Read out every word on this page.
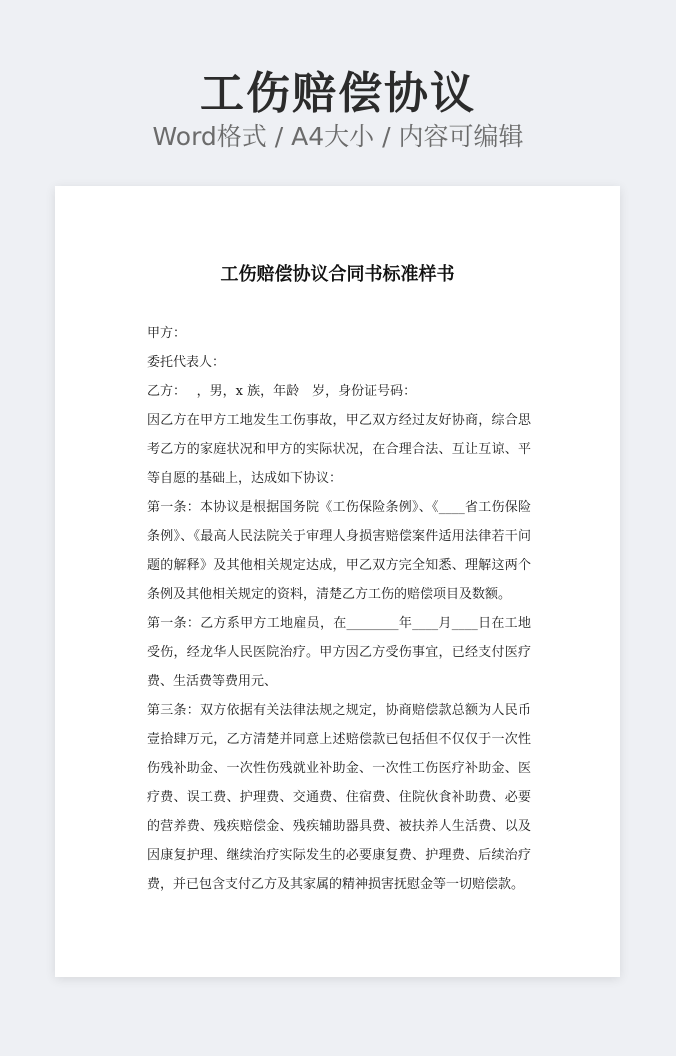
工伤赔偿协议
Word格式 / A4大小 / 内容可编辑
工伤赔偿协议合同书标准样书

甲方：

委托代表人：

乙方：　 ，男，x 族，年龄　岁，身份证号码：

因乙方在甲方工地发生工伤事故，甲乙双方经过友好协商，综合思考乙方的家庭状况和甲方的实际状况，在合理合法、互让互谅、平等自愿的基础上，达成如下协议：

第一条：本协议是根据国务院《工伤保险条例》、《____省工伤保险条例》、《最高人民法院关于审理人身损害赔偿案件适用法律若干问题的解释》及其他相关规定达成，甲乙双方完全知悉、理解这两个条例及其他相关规定的资料，清楚乙方工伤的赔偿项目及数额。

第一条：乙方系甲方工地雇员，在________年____月____日在工地受伤，经龙华人民医院治疗。甲方因乙方受伤事宜，已经支付医疗费、生活费等费用元、

第三条：双方依据有关法律法规之规定，协商赔偿款总额为人民币壹拾肆万元，乙方清楚并同意上述赔偿款已包括但不仅仅于一次性伤残补助金、一次性伤残就业补助金、一次性工伤医疗补助金、医疗费、误工费、护理费、交通费、住宿费、住院伙食补助费、必要的营养费、残疾赔偿金、残疾辅助器具费、被扶养人生活费、以及因康复护理、继续治疗实际发生的必要康复费、护理费、后续治疗费，并已包含支付乙方及其家属的精神损害抚慰金等一切赔偿款。
